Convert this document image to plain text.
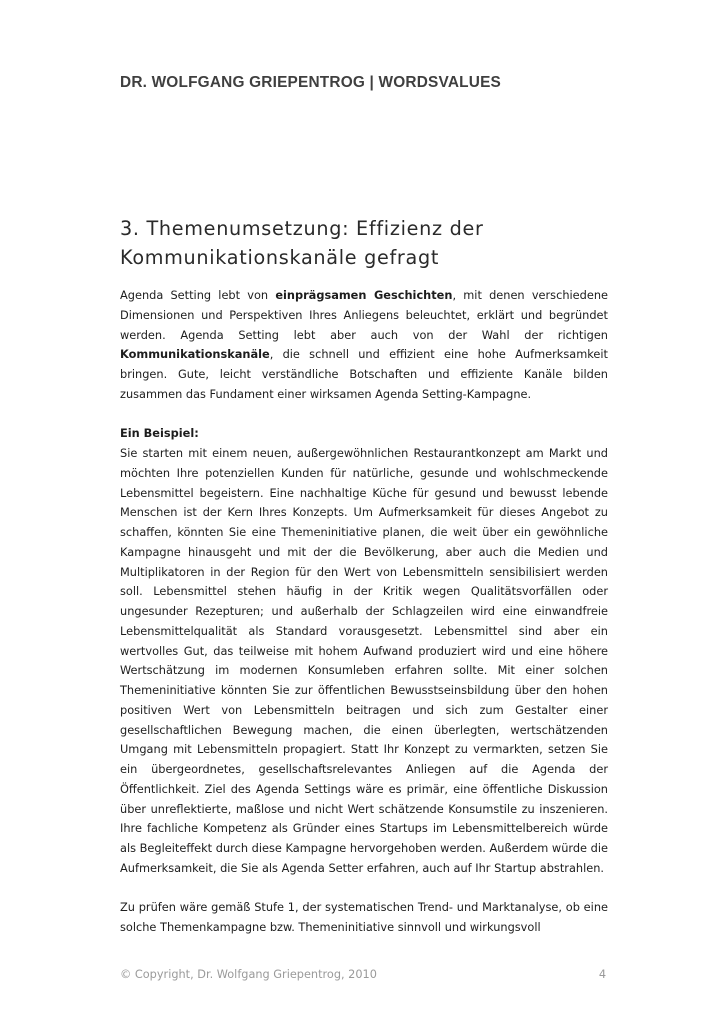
DR. WOLFGANG GRIEPENTROG | WORDSVALUES
3. Themenumsetzung: Effizienz der
Kommunikationskanäle gefragt

Agenda Setting lebt von einprägsamen Geschichten, mit denen verschiedene Dimensionen und Perspektiven Ihres Anliegens beleuchtet, erklärt und begründet werden. Agenda Setting lebt aber auch von der Wahl der richtigen Kommunikationskanäle, die schnell und effizient eine hohe Aufmerksamkeit bringen. Gute, leicht verständliche Botschaften und effiziente Kanäle bilden zusammen das Fundament einer wirksamen Agenda Setting-Kampagne.

Ein Beispiel:

Sie starten mit einem neuen, außergewöhnlichen Restaurantkonzept am Markt und möchten Ihre potenziellen Kunden für natürliche, gesunde und wohlschmeckende Lebensmittel begeistern. Eine nachhaltige Küche für gesund und bewusst lebende Menschen ist der Kern Ihres Konzepts. Um Aufmerksamkeit für dieses Angebot zu schaffen, könnten Sie eine Themeninitiative planen, die weit über ein gewöhnliche Kampagne hinausgeht und mit der die Bevölkerung, aber auch die Medien und Multiplikatoren in der Region für den Wert von Lebensmitteln sensibilisiert werden soll. Lebensmittel stehen häufig in der Kritik wegen Qualitätsvorfällen oder ungesunder Rezepturen; und außerhalb der Schlagzeilen wird eine einwandfreie Lebensmittelqualität als Standard vorausgesetzt. Lebensmittel sind aber ein wertvolles Gut, das teilweise mit hohem Aufwand produziert wird und eine höhere Wertschätzung im modernen Konsumleben erfahren sollte. Mit einer solchen Themeninitiative könnten Sie zur öffentlichen Bewusstseinsbildung über den hohen positiven Wert von Lebensmitteln beitragen und sich zum Gestalter einer gesellschaftlichen Bewegung machen, die einen überlegten, wertschätzenden Umgang mit Lebensmitteln propagiert. Statt Ihr Konzept zu vermarkten, setzen Sie ein übergeordnetes, gesellschaftsrelevantes Anliegen auf die Agenda der Öffentlichkeit. Ziel des Agenda Settings wäre es primär, eine öffentliche Diskussion über unreflektierte, maßlose und nicht Wert schätzende Konsumstile zu inszenieren. Ihre fachliche Kompetenz als Gründer eines Startups im Lebensmittelbereich würde als Begleiteffekt durch diese Kampagne hervorgehoben werden. Außerdem würde die Aufmerksamkeit, die Sie als Agenda Setter erfahren, auch auf Ihr Startup abstrahlen.

Zu prüfen wäre gemäß Stufe 1, der systematischen Trend- und Marktanalyse, ob eine solche Themenkampagne bzw. Themeninitiative sinnvoll und wirkungsvoll

© Copyright, Dr. Wolfgang Griepentrog, 2010	4
